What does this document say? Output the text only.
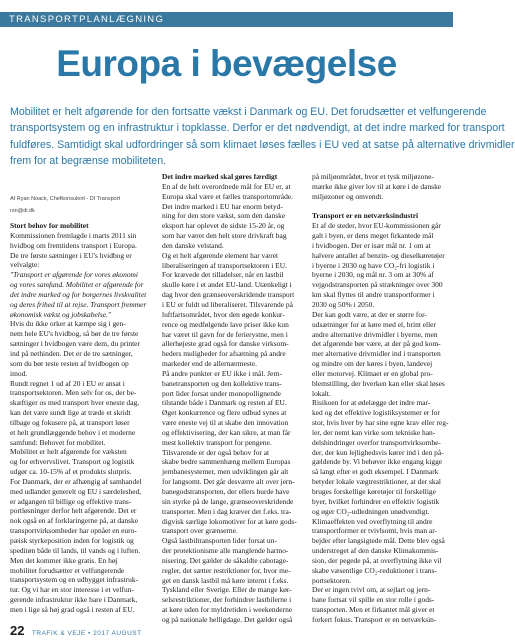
TRANSPORTPLANLÆGNING
Europa i bevægelse
Mobilitet er helt afgørende for den fortsatte vækst i Danmark og EU. Det forudsætter et velfungerende
transportsystem og en infrastruktur i topklasse. Derfor er det nødvendigt, at det indre marked for transport
fuldføres. Samtidigt skal udfordringer så som klimaet løses fælles i EU ved at satse på alternative drivmidler
frem for at begrænse mobiliteten.
Af Ryan Noack, Chefkonsulent - DI Transport
rsn@di.dk
Stort behov for mobilitet
Kommissionen fremlagde i marts 2011 sin
hvidbog om fremtidens transport i Europa.
De tre første sætninger i EU's hvidbog er
velvalgte:
"Transport er afgørende for vores økonomi
og vores samfund. Mobilitet er afgørende for
det indre marked og for borgernes livskvalitet
og deres frihed til at rejse. Transport fremmer
økonomisk vækst og jobskabelse."
Hvis du ikke orker at kæmpe sig i gen-
nem hele EU's hvidbog, så bør de tre første
sætninger i hvidbogen være dem, du printer
ind på nethinden. Det er de tre sætninger,
som du bør teste resten af hvidbogen op
imod.
Rundt regnet 1 ud af 20 i EU er ansat i
transportsektoren. Men selv for os, der be-
skæftiger os med transport hver eneste dag,
kan det være sundt lige at træde et skridt
tilbage og fokusere på, at transport løser
et helt grundlæggende behov i et moderne
samfund: Behovet for mobilitet.
Mobilitet er helt afgørende for væksten
og for erhvervslivet. Transport og logistik
udgør ca. 10-15% af et produkts slutpris.
For Danmark, der er afhængig af samhandel
med udlandet generelt og EU i særdeleshed,
er adgangen til billige og effektive trans-
portløsninger derfor helt afgørende. Det er
nok også en af forklaringerne på, at danske
transportvirksomheder har opnået en euro-
pæisk styrkeposition inden for logistik og
speditøn både til lands, til vands og i luften.
Men det kommer ikke gratis. En høj
mobilitet forudsætter et velfungerende
transportsystem og en udbygget infrastruk-
tur. Og vi har en stor interesse i et velfun-
gerende infrastruktur ikke bare i Danmark,
men i lige så høj grad også i resten af EU.
Det indre marked skal gøres færdigt
En af de helt overordnede mål for EU er, at
Europa skal være et fælles transportområde.
Det indre marked i EU har enorm betyd-
ning for den store vækst, som den danske
eksport har oplevet de sidste 15-20 år, og
som har været den helt store drivkraft bag
den danske velstand.
Og et helt afgørende element har været
liberaliseringen af transportsektoren i EU.
For krævede det tilladelser, når en lastbil
skulle køre i et andet EU-land. Utænkeligt i
dag hvor den grænseoverskridende transport
i EU er fuldt ud liberaliseret. Tilsvarende på
luftfartsområdet, hvor den øgede konkur-
rence og medfølgende lave priser ikke kun
har været til gavn for de ferierystne, men i
allerhøjeste grad også for danske virksom-
heders muligheder for afsætning på andre
markeder end de allernærmeste.
På andre punkter er EU ikke i mål. Jern-
banetransporten og den kollektive trans-
port lider forsat under monopollignende
tilstande både i Danmark og resten af EU.
Øget konkurrence og flere udbud synes at
være eneste vej til at skabe den innovation
og effektivisering, der kan sikre, at man får
mest kollektiv transport for pengene.
Tilsvarende er der også behov for at
skabe bedre sammenhæng mellem Europas
jernbanesystemer, men udviklingen går alt
for langsomt. Det går desværre alt over jern-
banegodstransporten, der ellers burde have
sin styrke på de lange, grænseoverskridende
transporter. Men i dag kræver det f.eks. tra-
digvisk særlige lokomotiver for at køre gods-
transport over grænserne.
Også lastbiltransporten lider forsat un-
der protektionisme alle manglende harmo-
nisering. Det gælder de såkaldte cabotage-
regler, det sætter restriktioner for, hvor me-
get en dansk lastbil må køre internt i f.eks.
Tyskland eller Sverige. Eller de mange kør-
selsrestriktioner, der forhindrer lastbilerne i
at køre uden for myldretiden i weekenderne
og på nationale helligdage. Det gælder også
på miljøområdet, hvor et tysk miljøzone-
mærke ikke giver lov til at køre i de danske
miljøzoner og omvendt.
Transport er en netværksindustri
Et af de steder, hvor EU-kommissionen går
galt i byen, er dens meget firkantede mål
i hvidbogen. Der er især mål nr. 1 om at
halvere antallet af benzin- og dieselkøretøjer
i byerne i 2030 og have CO₂-fri logistik i
byerne i 2030, og mål nr. 3 om at 30% af
vejgodstransporten på strækninger over 300
km skal flyttes til andre transportformer i
2030 og 50% i 2050.
Der kan godt være, at der er større for-
udsætninger for at køre med el, brint eller
andre alternative drivmidler i byerne, men
det afgørende bør være, at der på god kom-
mer alternative drivmidler ind i transporten
og mindre om der køres i byen, landevej
eller motorvej. Klimaet er en global pro-
blemstilling, der hverken kan eller skal løses
lokalt.
Risikoen for at ødelægge det indre mar-
ked og det effektive logistiksystemer er for
stor, hvis hver by har sine egne krav eller reg-
ler, der nemt kan virke som tekniske han-
delshindringer overfor transportvirksomhe-
der, der kun lejlighedsvis kører ind i den på-
gældende by. Vi behøver ikke engang kigge
så langt efter et godt eksempel. I Danmark
betyder lokale vægtrestriktioner, at der skal
bruges forskellige køretøjer til forskellige
byer, hvilket forhindrer en effektiv logistik
og øger CO₂-udledningen unødvendigt.
Klimaeffekten ved overflytning til andre
transportformer er tvivlsomt, hvis man ar-
bejder efter langsigtede mål. Dette blev også
understreget af den danske Klimakommis-
sion, der pegede på, at overflytning ikke vil
skabe væsentlige CO₂-reduktioner i trans-
portsektoren.
Der er ingen tvivl om, at sejlart og jern-
bane fortsat vil spille en stor rolle i gods-
transporten. Men et firkantet mål giver et
forkert fokus. Transport er en netværksin-
22 TRAFIK & VEJE • 2017 AUGUST
